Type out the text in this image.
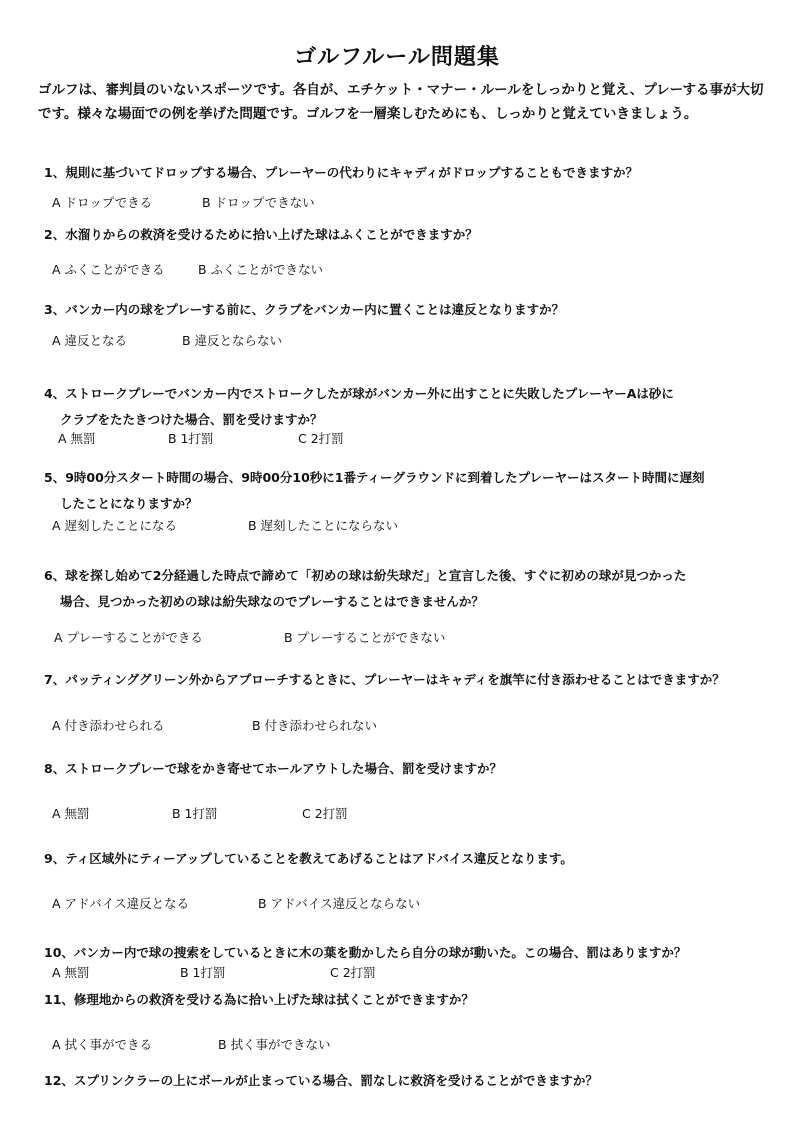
ゴルフルール問題集
ゴルフは、審判員のいないスポーツです。各自が、エチケット・マナー・ルールをしっかりと覚え、プレーする事が大切です。様々な場面での例を挙げた問題です。ゴルフを一層楽しむためにも、しっかりと覚えていきましょう。
1、規則に基づいてドロップする場合、プレーヤーの代わりにキャディがドロップすることもできますか？
A ドロップできる	B ドロップできない
2、水溜りからの救済を受けるために拾い上げた球はふくことができますか？
A ふくことができる	B ふくことができない
3、バンカー内の球をプレーする前に、クラブをバンカー内に置くことは違反となりますか？
A 違反となる	B 違反とならない
4、ストロークプレーでバンカー内でストロークしたが球がバンカー外に出すことに失敗したプレーヤーAは砂に
クラブをたたきつけた場合、罰を受けますか？
A 無罰	B 1打罰	C 2打罰
5、9時00分スタート時間の場合、9時00分10秒に1番ティーグラウンドに到着したプレーヤーはスタート時間に遅刻
したことになりますか？
A 遅刻したことになる	B 遅刻したことにならない
6、球を探し始めて2分経過した時点で諦めて「初めの球は紛失球だ」と宣言した後、すぐに初めの球が見つかった
場合、見つかった初めの球は紛失球なのでプレーすることはできませんか？
A プレーすることができる	B プレーすることができない
7、パッティンググリーン外からアプローチするときに、プレーヤーはキャディを旗竿に付き添わせることはできますか？
A 付き添わせられる	B 付き添わせられない
8、ストロークプレーで球をかき寄せてホールアウトした場合、罰を受けますか？
A 無罰	B 1打罰	C 2打罰
9、ティ区域外にティーアップしていることを教えてあげることはアドバイス違反となります。
A アドバイス違反となる	B アドバイス違反とならない
10、バンカー内で球の捜索をしているときに木の葉を動かしたら自分の球が動いた。この場合、罰はありますか？
A 無罰	B 1打罰	C 2打罰
11、修理地からの救済を受ける為に拾い上げた球は拭くことができますか？
A 拭く事ができる	B 拭く事ができない
12、スプリンクラーの上にボールが止まっている場合、罰なしに救済を受けることができますか？
